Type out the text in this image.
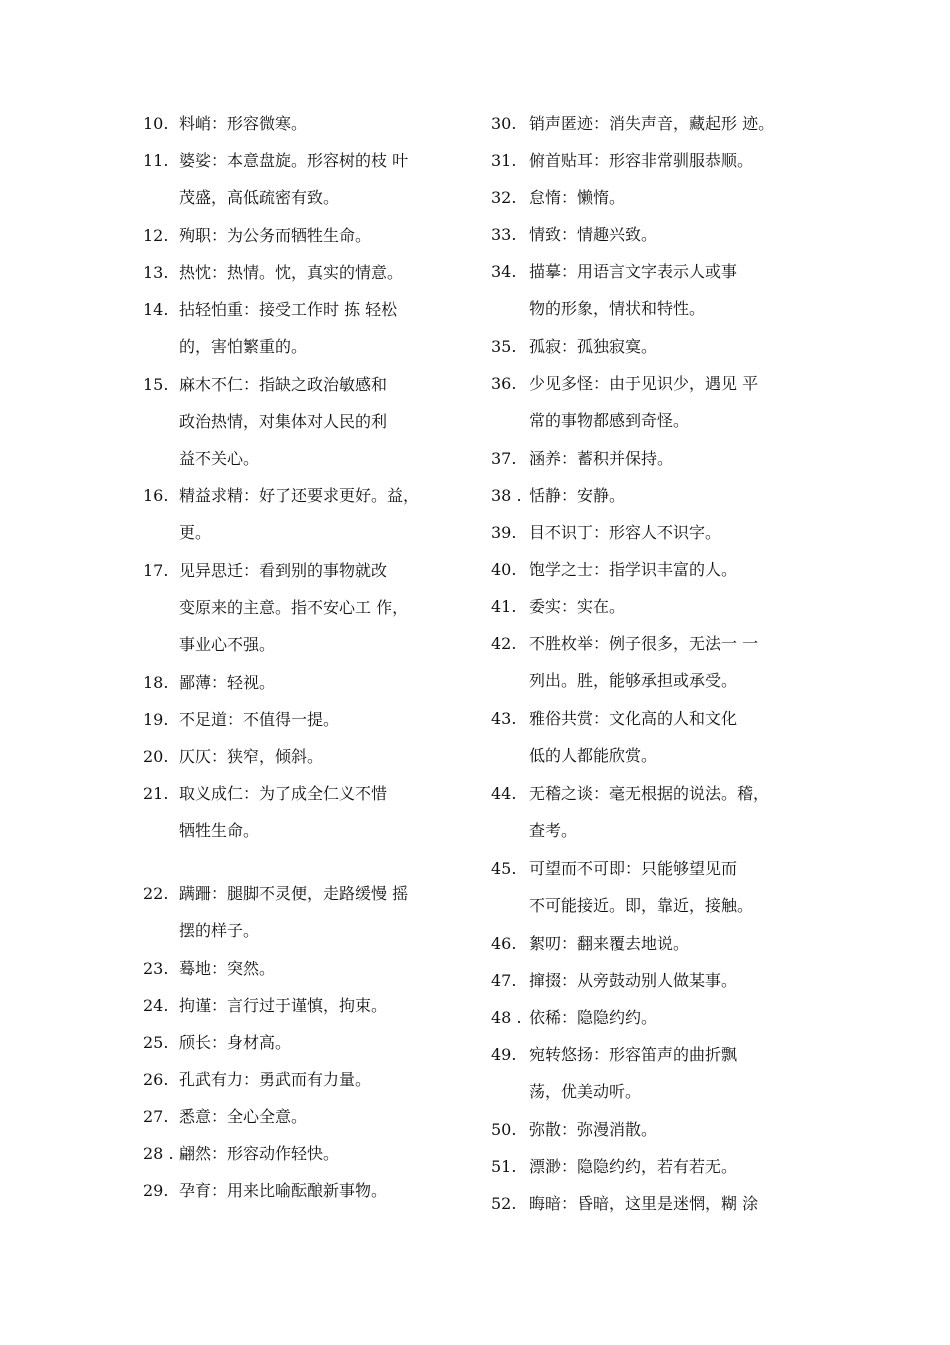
10. 料峭：形容微寒。
11. 婆娑：本意盘旋。形容树的枝 叶
茂盛，高低疏密有致。
12. 殉职：为公务而牺牲生命。
13. 热忱：热情。忱，真实的情意。
14. 拈轻怕重：接受工作时 拣 轻松
的，害怕繁重的。
15. 麻木不仁：指缺之政治敏感和
政治热情，对集体对人民的利
益不关心。
16. 精益求精：好了还要求更好。益，
更。
17. 见异思迁：看到别的事物就改
变原来的主意。指不安心工 作，
事业心不强。
18. 鄙薄：轻视。
19. 不足道：不值得一提。
20. 仄仄：狭窄，倾斜。
21. 取义成仁：为了成全仁义不惜
牺牲生命。
22. 蹒跚：腿脚不灵便，走路缓慢 摇
摆的样子。
23. 蓦地：突然。
24. 拘谨：言行过于谨慎，拘束。
25. 颀长：身材高。
26. 孔武有力：勇武而有力量。
27. 悉意：全心全意。
28 . 翩然：形容动作轻快。
29. 孕育：用来比喻酝酿新事物。
30. 销声匿迹：消失声音，藏起形 迹。
31. 俯首贴耳：形容非常驯服恭顺。
32. 怠惰：懒惰。
33. 情致：情趣兴致。
34. 描摹：用语言文字表示人或事
物的形象，情状和特性。
35. 孤寂：孤独寂寞。
36. 少见多怪：由于见识少，遇见 平
常的事物都感到奇怪。
37. 涵养：蓄积并保持。
38 . 恬静：安静。
39. 目不识丁：形容人不识字。
40. 饱学之士：指学识丰富的人。
41. 委实：实在。
42. 不胜枚举：例子很多，无法一 一
列出。胜，能够承担或承受。
43. 雅俗共赏：文化高的人和文化
低的人都能欣赏。
44. 无稽之谈：毫无根据的说法。稽，
查考。
45. 可望而不可即：只能够望见而
不可能接近。即，靠近，接触。
46. 絮叨：翻来覆去地说。
47. 撺掇：从旁鼓动别人做某事。
48 . 依稀：隐隐约约。
49. 宛转悠扬：形容笛声的曲折飘
荡，优美动听。
50. 弥散：弥漫消散。
51. 漂渺：隐隐约约，若有若无。
52. 晦暗：昏暗，这里是迷惘，糊 涂
